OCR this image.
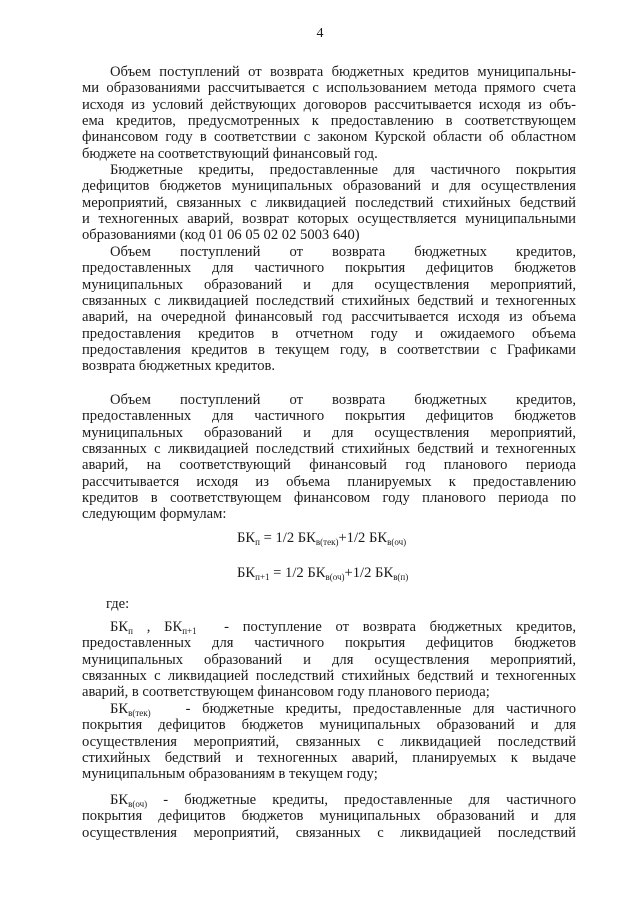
4
Объем поступлений от возврата бюджетных кредитов муниципальны-
ми образованиями рассчитывается с использованием метода прямого счета
исходя из условий действующих договоров рассчитывается исходя из объ-
ема кредитов, предусмотренных к предоставлению в соответствующем
финансовом году в соответствии с законом Курской области об областном
бюджете на соответствующий финансовый год.
Бюджетные кредиты, предоставленные для частичного покрытия
дефицитов бюджетов муниципальных образований и для осуществления
мероприятий, связанных с ликвидацией последствий стихийных бедствий
и техногенных аварий, возврат которых осуществляется муниципальными
образованиями (код 01 06 05 02 02 5003 640)
Объем поступлений от возврата бюджетных кредитов,
предоставленных для частичного покрытия дефицитов бюджетов
муниципальных образований и для осуществления мероприятий,
связанных с ликвидацией последствий стихийных бедствий и техногенных
аварий, на очередной финансовый год рассчитывается исходя из объема
предоставления кредитов в отчетном году и ожидаемого объема
предоставления кредитов в текущем году, в соответствии с Графиками
возврата бюджетных кредитов.
Объем поступлений от возврата бюджетных кредитов,
предоставленных для частичного покрытия дефицитов бюджетов
муниципальных образований и для осуществления мероприятий,
связанных с ликвидацией последствий стихийных бедствий и техногенных
аварий, на соответствующий финансовый год планового периода
рассчитывается исходя из объема планируемых к предоставлению
кредитов в соответствующем финансовом году планового периода по
следующим формулам:
$БК_п = 1/2$ $БК_{в(тек)}+1/2$ $БК_{в(оч)}$
$БК_{п+1} = 1/2$ $БК_{в(оч)}+1/2$ $БК_{в(п)}$
где:
$БК_п$ , $БК_{п+1}$ - поступление от возврата бюджетных кредитов,
предоставленных для частичного покрытия дефицитов бюджетов
муниципальных образований и для осуществления мероприятий,
связанных с ликвидацией последствий стихийных бедствий и техногенных
аварий, в соответствующем финансовом году планового периода;
$БК_{в(тек)}$ - бюджетные кредиты, предоставленные для частичного
покрытия дефицитов бюджетов муниципальных образований и для
осуществления мероприятий, связанных с ликвидацией последствий
стихийных бедствий и техногенных аварий, планируемых к выдаче
муниципальным образованиям в текущем году;
$БК_{в(оч)}$ - бюджетные кредиты, предоставленные для частичного
покрытия дефицитов бюджетов муниципальных образований и для
осуществления мероприятий, связанных с ликвидацией последствий
